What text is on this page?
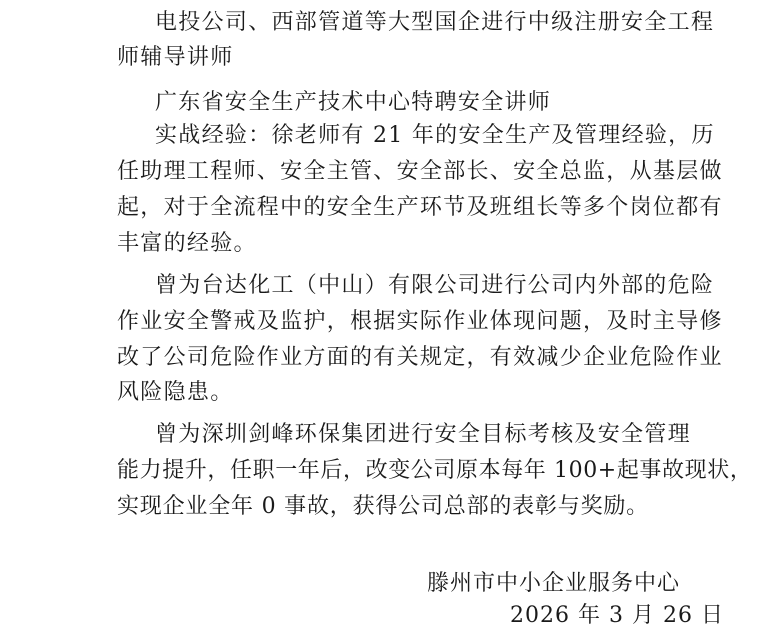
电投公司、西部管道等大型国企进行中级注册安全工程
师辅导讲师
广东省安全生产技术中心特聘安全讲师
实战经验：徐老师有 21 年的安全生产及管理经验，历
任助理工程师、安全主管、安全部长、安全总监，从基层做
起，对于全流程中的安全生产环节及班组长等多个岗位都有
丰富的经验。
曾为台达化工（中山）有限公司进行公司内外部的危险
作业安全警戒及监护，根据实际作业体现问题，及时主导修
改了公司危险作业方面的有关规定，有效减少企业危险作业
风险隐患。
曾为深圳剑峰环保集团进行安全目标考核及安全管理
能力提升，任职一年后，改变公司原本每年 100+起事故现状，
实现企业全年 0 事故，获得公司总部的表彰与奖励。
滕州市中小企业服务中心
2026 年 3 月 26 日
